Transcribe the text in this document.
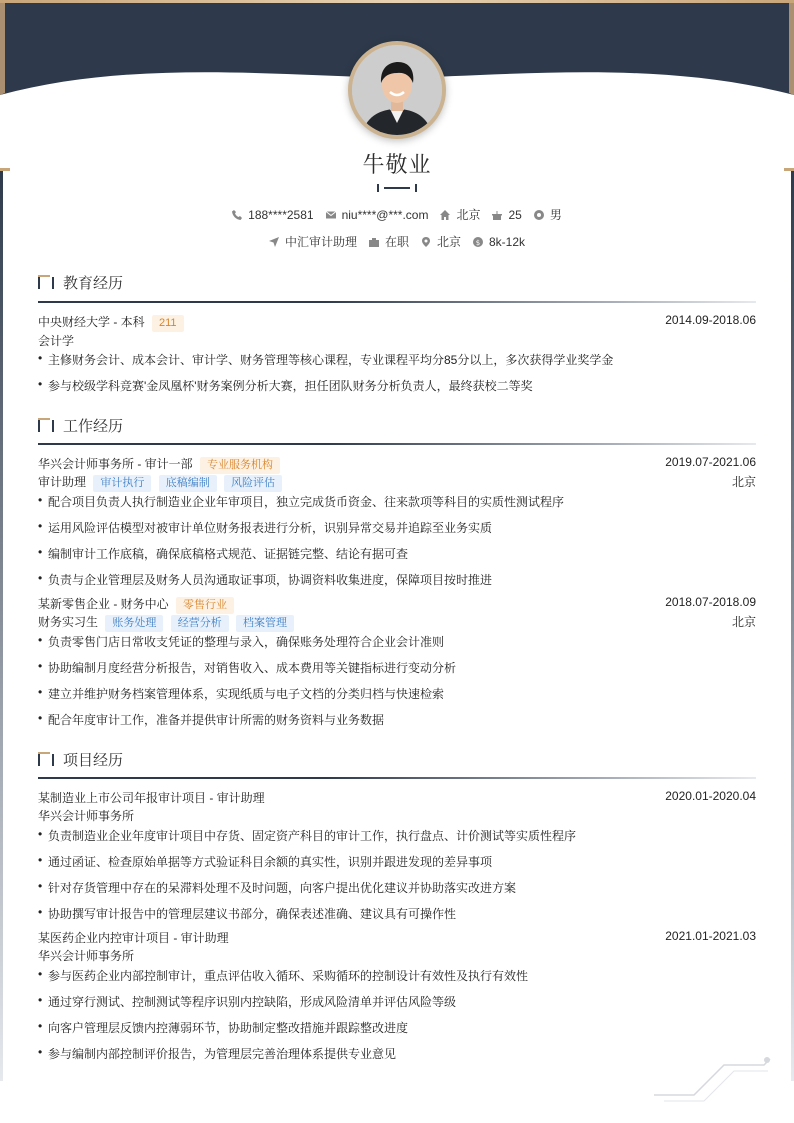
牛敬业
188****2581 niu****@***.com 北京 25 男
中汇审计助理 在职 北京 $ 8k-12k
教育经历
中央财经大学 - 本科 211	2014.09-2018.06
会计学
• 主修财务会计、成本会计、审计学、财务管理等核心课程，专业课程平均分85分以上，多次获得学业奖学金
• 参与校级学科竞赛'金凤凰杯'财务案例分析大赛，担任团队财务分析负责人，最终获校二等奖
工作经历
华兴会计师事务所 - 审计一部 专业服务机构	2019.07-2021.06
审计助理 审计执行 底稿编制 风险评估	北京
• 配合项目负责人执行制造业企业年审项目，独立完成货币资金、往来款项等科目的实质性测试程序
• 运用风险评估模型对被审计单位财务报表进行分析，识别异常交易并追踪至业务实质
• 编制审计工作底稿，确保底稿格式规范、证据链完整、结论有据可查
• 负责与企业管理层及财务人员沟通取证事项，协调资料收集进度，保障项目按时推进
某新零售企业 - 财务中心 零售行业	2018.07-2018.09
财务实习生 账务处理 经营分析 档案管理	北京
• 负责零售门店日常收支凭证的整理与录入，确保账务处理符合企业会计准则
• 协助编制月度经营分析报告，对销售收入、成本费用等关键指标进行变动分析
• 建立并维护财务档案管理体系，实现纸质与电子文档的分类归档与快速检索
• 配合年度审计工作，准备并提供审计所需的财务资料与业务数据
项目经历
某制造业上市公司年报审计项目 - 审计助理	2020.01-2020.04
华兴会计师事务所
• 负责制造业企业年度审计项目中存货、固定资产科目的审计工作，执行盘点、计价测试等实质性程序
• 通过函证、检查原始单据等方式验证科目余额的真实性，识别并跟进发现的差异事项
• 针对存货管理中存在的呆滞料处理不及时问题，向客户提出优化建议并协助落实改进方案
• 协助撰写审计报告中的管理层建议书部分，确保表述准确、建议具有可操作性
某医药企业内控审计项目 - 审计助理	2021.01-2021.03
华兴会计师事务所
• 参与医药企业内部控制审计，重点评估收入循环、采购循环的控制设计有效性及执行有效性
• 通过穿行测试、控制测试等程序识别内控缺陷，形成风险清单并评估风险等级
• 向客户管理层反馈内控薄弱环节，协助制定整改措施并跟踪整改进度
• 参与编制内部控制评价报告，为管理层完善治理体系提供专业意见
